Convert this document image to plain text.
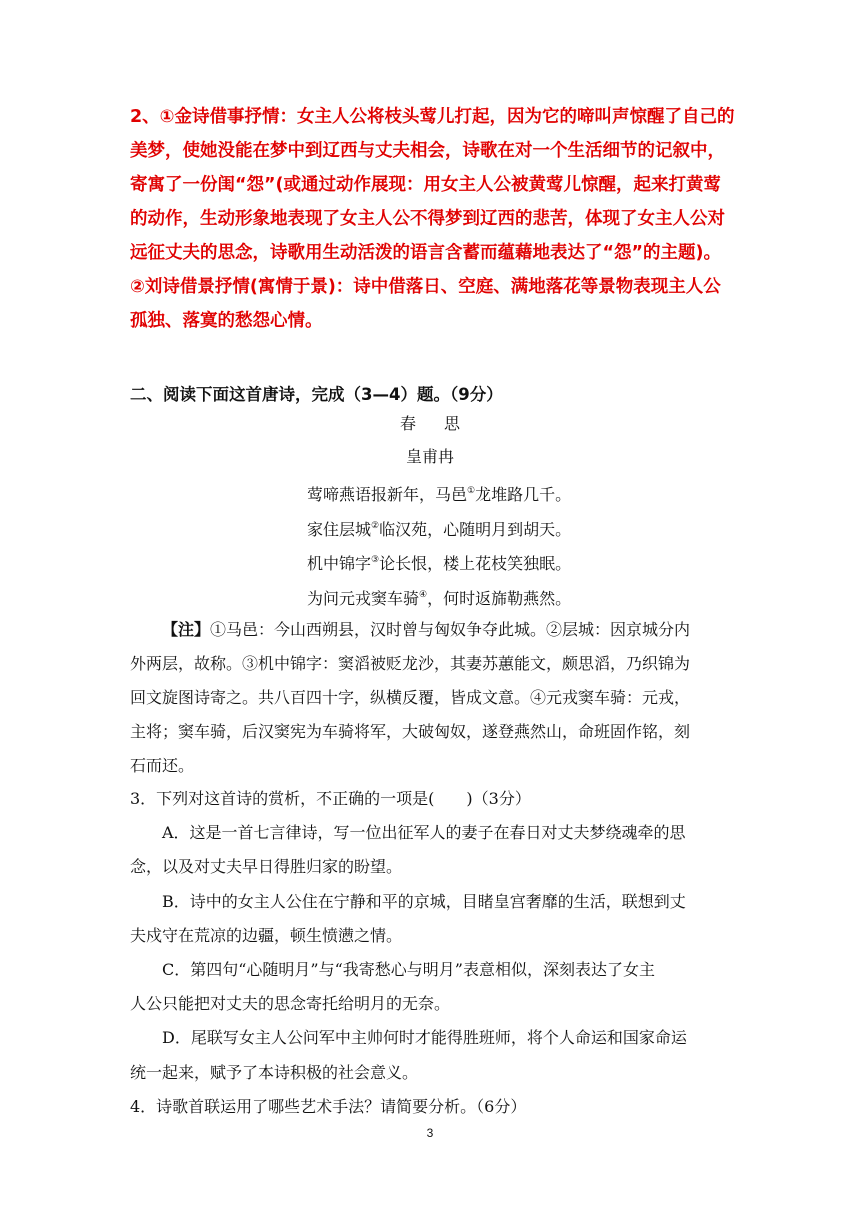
2、①金诗借事抒情：女主人公将枝头莺儿打起，因为它的啼叫声惊醒了自己的

美梦，使她没能在梦中到辽西与丈夫相会，诗歌在对一个生活细节的记叙中，

寄寓了一份闺“怨”(或通过动作展现：用女主人公被黄莺儿惊醒，起来打黄莺

的动作，生动形象地表现了女主人公不得梦到辽西的悲苦，体现了女主人公对

远征丈夫的思念，诗歌用生动活泼的语言含蓄而蕴藉地表达了“怨”的主题)。

②刘诗借景抒情(寓情于景)：诗中借落日、空庭、满地落花等景物表现主人公

孤独、落寞的愁怨心情。

二、阅读下面这首唐诗，完成（3—4）题。（9分）
春 思
皇甫冉

莺啼燕语报新年，马邑①龙堆路几千。

家住层城②临汉苑，心随明月到胡天。

机中锦字③论长恨，楼上花枝笑独眠。

为问元戎窦车骑④，何时返旆勒燕然。

【注】①马邑：今山西朔县，汉时曾与匈奴争夺此城。②层城：因京城分内

外两层，故称。③机中锦字：窦滔被贬龙沙，其妻苏蕙能文，颇思滔，乃织锦为

回文旋图诗寄之。共八百四十字，纵横反覆，皆成文意。④元戎窦车骑：元戎，

主将；窦车骑，后汉窦宪为车骑将军，大破匈奴，遂登燕然山，命班固作铭，刻

石而还。

3．下列对这首诗的赏析，不正确的一项是(　　)（3分）

A．这是一首七言律诗，写一位出征军人的妻子在春日对丈夫梦绕魂牵的思

念，以及对丈夫早日得胜归家的盼望。

B．诗中的女主人公住在宁静和平的京城，目睹皇宫奢靡的生活，联想到丈

夫戍守在荒凉的边疆，顿生愤懑之情。

C．第四句“心随明月”与“我寄愁心与明月”表意相似，深刻表达了女主

人公只能把对丈夫的思念寄托给明月的无奈。

D．尾联写女主人公问军中主帅何时才能得胜班师，将个人命运和国家命运

统一起来，赋予了本诗积极的社会意义。

4．诗歌首联运用了哪些艺术手法？请简要分析。（6分）

3
